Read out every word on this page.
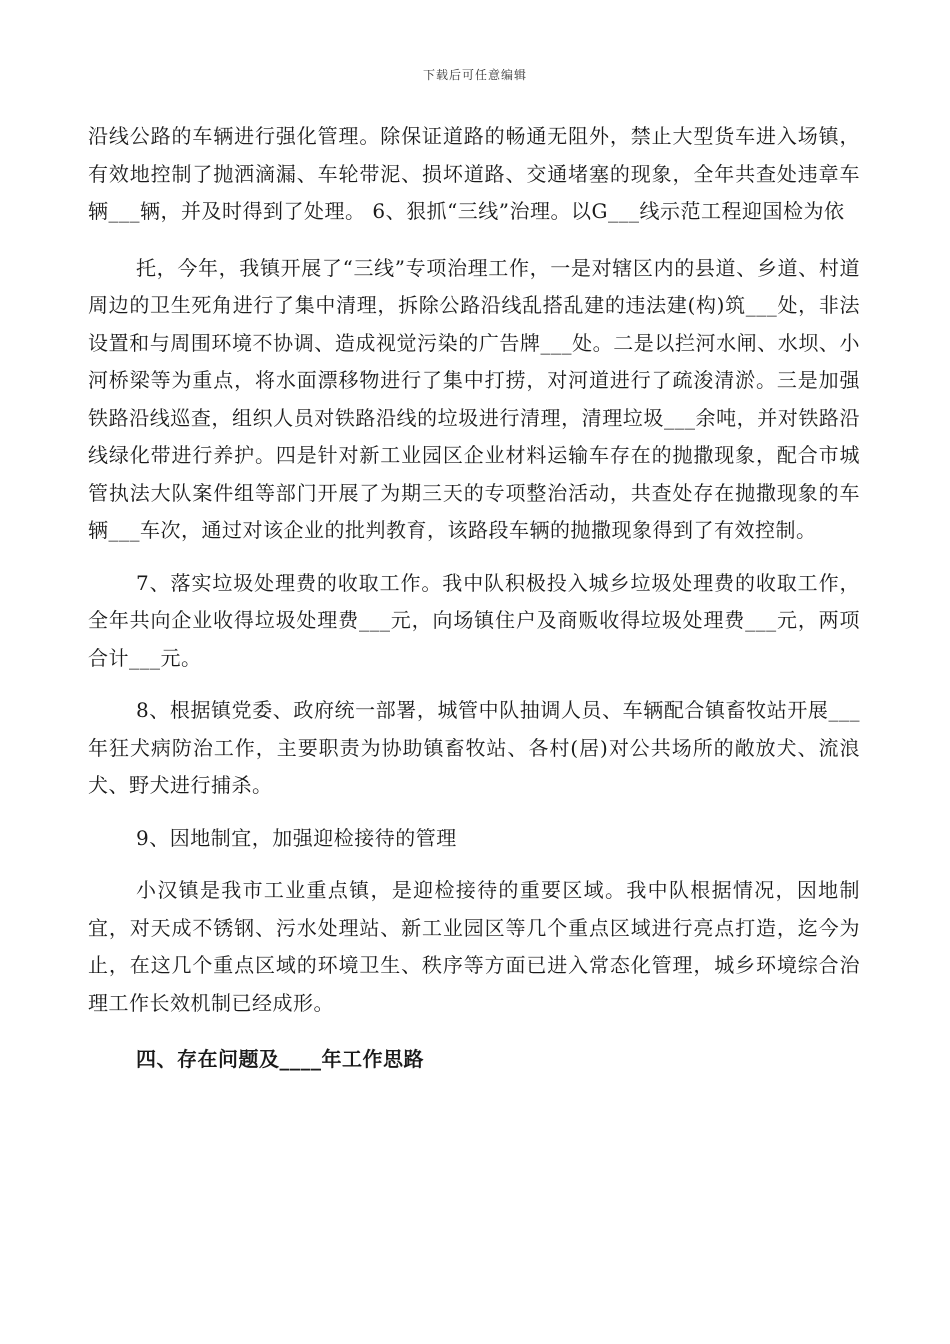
下载后可任意编辑

沿线公路的车辆进行强化管理。除保证道路的畅通无阻外，禁止大型货车进入场镇，有效地控制了抛洒滴漏、车轮带泥、损坏道路、交通堵塞的现象，全年共查处违章车辆___辆，并及时得到了处理。 6、狠抓“三线”治理。以G___线示范工程迎国检为依

托，今年，我镇开展了“三线”专项治理工作，一是对辖区内的县道、乡道、村道周边的卫生死角进行了集中清理，拆除公路沿线乱搭乱建的违法建(构)筑___处，非法设置和与周围环境不协调、造成视觉污染的广告牌___处。二是以拦河水闸、水坝、小河桥梁等为重点，将水面漂移物进行了集中打捞，对河道进行了疏浚清淤。三是加强铁路沿线巡查，组织人员对铁路沿线的垃圾进行清理，清理垃圾___余吨，并对铁路沿线绿化带进行养护。四是针对新工业园区企业材料运输车存在的抛撒现象，配合市城管执法大队案件组等部门开展了为期三天的专项整治活动，共查处存在抛撒现象的车辆___车次，通过对该企业的批判教育，该路段车辆的抛撒现象得到了有效控制。

7、落实垃圾处理费的收取工作。我中队积极投入城乡垃圾处理费的收取工作，全年共向企业收得垃圾处理费___元，向场镇住户及商贩收得垃圾处理费___元，两项合计___元。

8、根据镇党委、政府统一部署，城管中队抽调人员、车辆配合镇畜牧站开展___年狂犬病防治工作，主要职责为协助镇畜牧站、各村(居)对公共场所的敞放犬、流浪犬、野犬进行捕杀。

9、因地制宜，加强迎检接待的管理

小汉镇是我市工业重点镇，是迎检接待的重要区域。我中队根据情况，因地制宜，对天成不锈钢、污水处理站、新工业园区等几个重点区域进行亮点打造，迄今为止，在这几个重点区域的环境卫生、秩序等方面已进入常态化管理，城乡环境综合治理工作长效机制已经成形。

四、存在问题及____年工作思路
